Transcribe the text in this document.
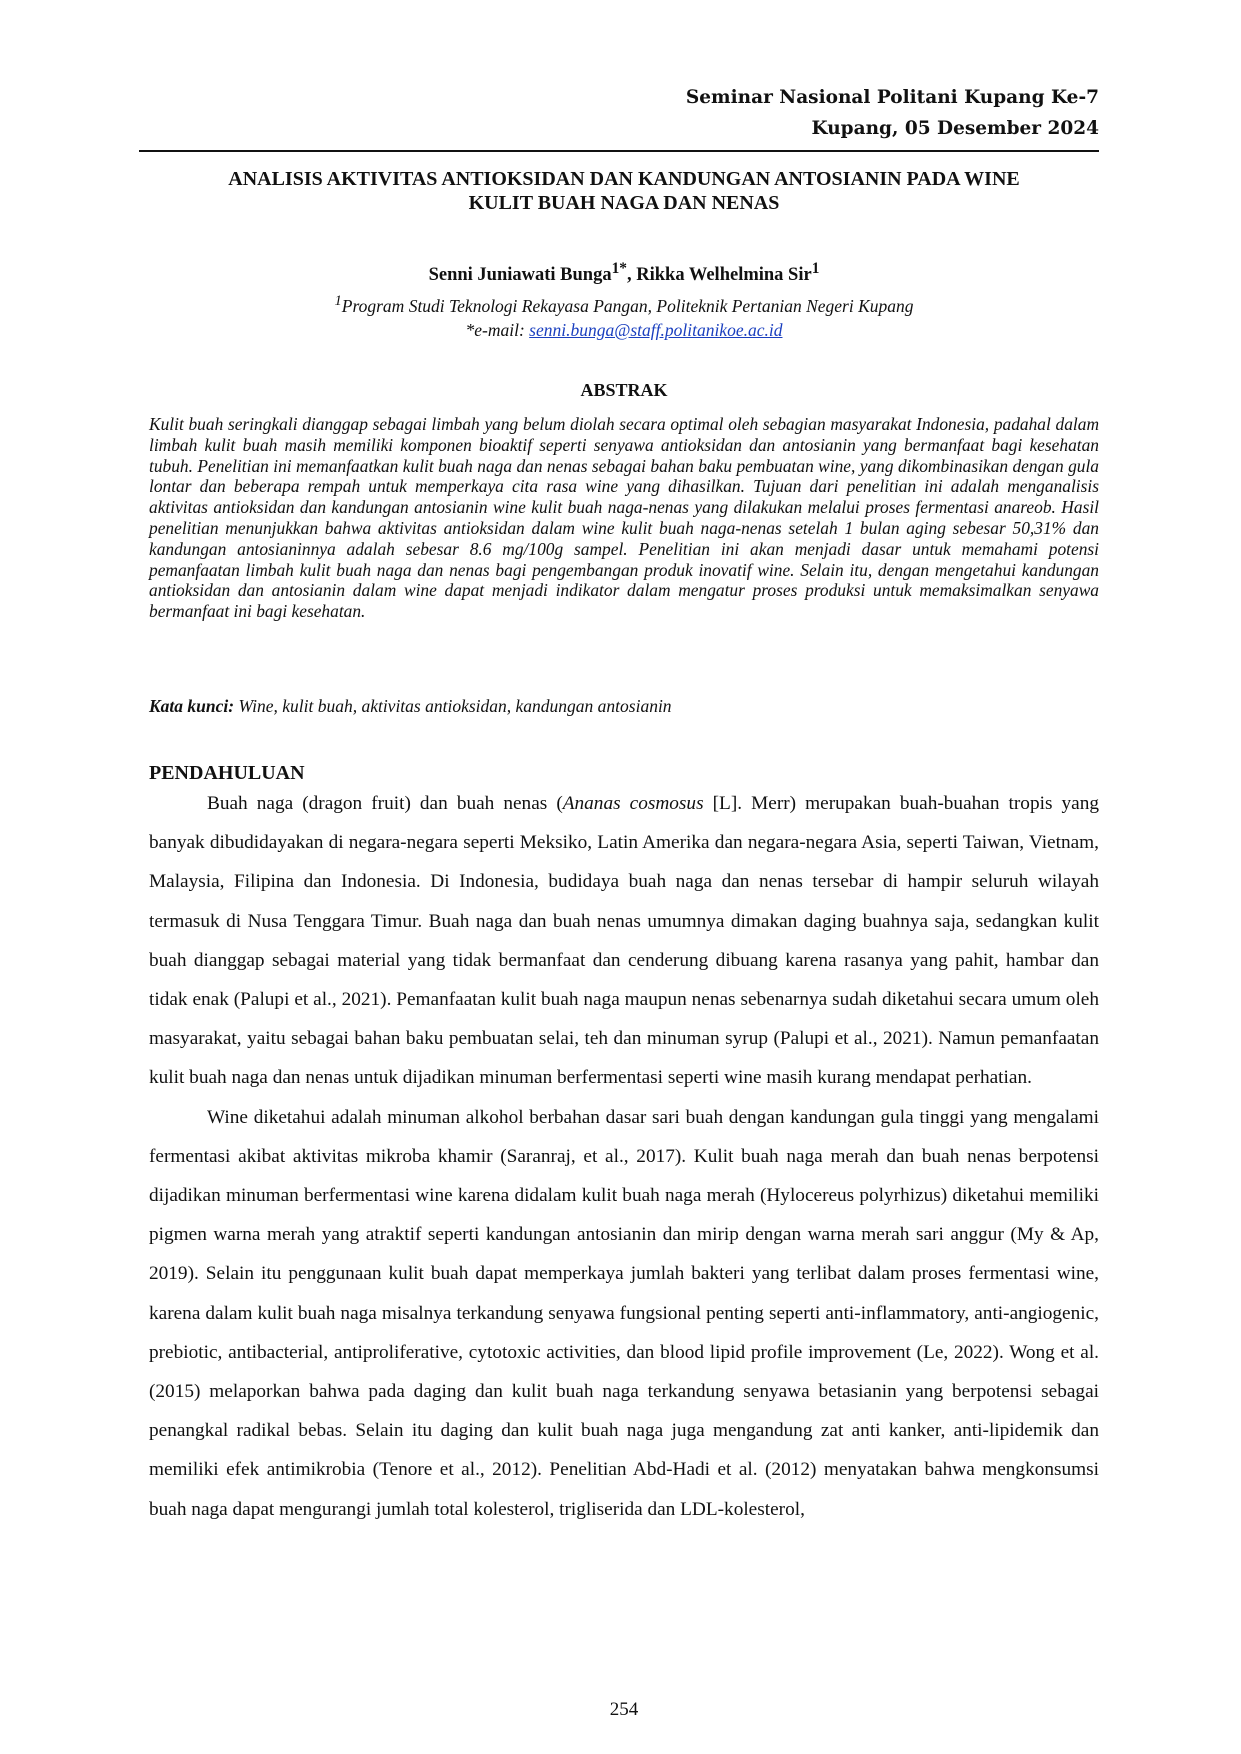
Seminar Nasional Politani Kupang Ke-7
Kupang, 05 Desember 2024
ANALISIS AKTIVITAS ANTIOKSIDAN DAN KANDUNGAN ANTOSIANIN PADA WINE
KULIT BUAH NAGA DAN NENAS
Senni Juniawati Bunga$^{1*}$, Rikka Welhelmina Sir$^1$
$^1$Program Studi Teknologi Rekayasa Pangan, Politeknik Pertanian Negeri Kupang
*e-mail: senni.bunga@staff.politanikoe.ac.id
ABSTRAK
Kulit buah seringkali dianggap sebagai limbah yang belum diolah secara optimal oleh sebagian masyarakat Indonesia, padahal dalam limbah kulit buah masih memiliki komponen bioaktif seperti senyawa antioksidan dan antosianin yang bermanfaat bagi kesehatan tubuh. Penelitian ini memanfaatkan kulit buah naga dan nenas sebagai bahan baku pembuatan wine, yang dikombinasikan dengan gula lontar dan beberapa rempah untuk memperkaya cita rasa wine yang dihasilkan. Tujuan dari penelitian ini adalah menganalisis aktivitas antioksidan dan kandungan antosianin wine kulit buah naga-nenas yang dilakukan melalui proses fermentasi anareob. Hasil penelitian menunjukkan bahwa aktivitas antioksidan dalam wine kulit buah naga-nenas setelah 1 bulan aging sebesar 50,31% dan kandungan antosianinnya adalah sebesar 8.6 mg/100g sampel. Penelitian ini akan menjadi dasar untuk memahami potensi pemanfaatan limbah kulit buah naga dan nenas bagi pengembangan produk inovatif wine. Selain itu, dengan mengetahui kandungan antioksidan dan antosianin dalam wine dapat menjadi indikator dalam mengatur proses produksi untuk memaksimalkan senyawa bermanfaat ini bagi kesehatan.
Kata kunci: Wine, kulit buah, aktivitas antioksidan, kandungan antosianin
PENDAHULUAN

Buah naga (dragon fruit) dan buah nenas (Ananas cosmosus [L]. Merr) merupakan buah-buahan tropis yang banyak dibudidayakan di negara-negara seperti Meksiko, Latin Amerika dan negara-negara Asia, seperti Taiwan, Vietnam, Malaysia, Filipina dan Indonesia. Di Indonesia, budidaya buah naga dan nenas tersebar di hampir seluruh wilayah termasuk di Nusa Tenggara Timur. Buah naga dan buah nenas umumnya dimakan daging buahnya saja, sedangkan kulit buah dianggap sebagai material yang tidak bermanfaat dan cenderung dibuang karena rasanya yang pahit, hambar dan tidak enak (Palupi et al., 2021). Pemanfaatan kulit buah naga maupun nenas sebenarnya sudah diketahui secara umum oleh masyarakat, yaitu sebagai bahan baku pembuatan selai, teh dan minuman syrup (Palupi et al., 2021). Namun pemanfaatan kulit buah naga dan nenas untuk dijadikan minuman berfermentasi seperti wine masih kurang mendapat perhatian.

Wine diketahui adalah minuman alkohol berbahan dasar sari buah dengan kandungan gula tinggi yang mengalami fermentasi akibat aktivitas mikroba khamir (Saranraj, et al., 2017). Kulit buah naga merah dan buah nenas berpotensi dijadikan minuman berfermentasi wine karena didalam kulit buah naga merah (Hylocereus polyrhizus) diketahui memiliki pigmen warna merah yang atraktif seperti kandungan antosianin dan mirip dengan warna merah sari anggur (My & Ap, 2019). Selain itu penggunaan kulit buah dapat memperkaya jumlah bakteri yang terlibat dalam proses fermentasi wine, karena dalam kulit buah naga misalnya terkandung senyawa fungsional penting seperti anti-inflammatory, anti-angiogenic, prebiotic, antibacterial, antiproliferative, cytotoxic activities, dan blood lipid profile improvement (Le, 2022). Wong et al. (2015) melaporkan bahwa pada daging dan kulit buah naga terkandung senyawa betasianin yang berpotensi sebagai penangkal radikal bebas. Selain itu daging dan kulit buah naga juga mengandung zat anti kanker, anti-lipidemik dan memiliki efek antimikrobia (Tenore et al., 2012). Penelitian Abd-Hadi et al. (2012) menyatakan bahwa mengkonsumsi buah naga dapat mengurangi jumlah total kolesterol, trigliserida dan LDL-kolesterol,

254
